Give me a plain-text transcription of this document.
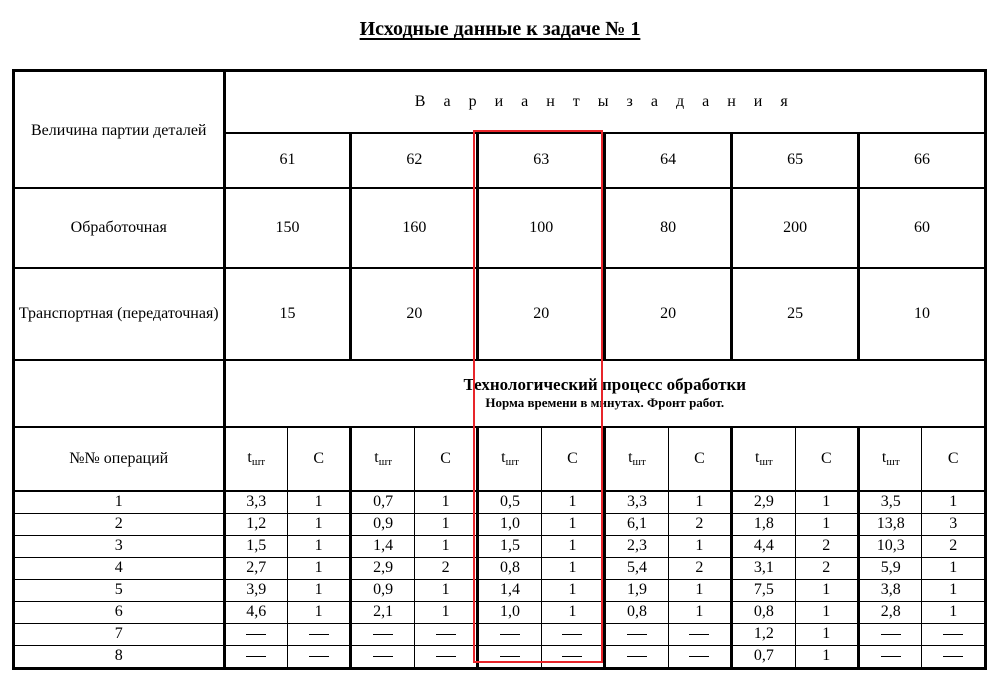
Исходные данные к задаче № 1
Величина партии деталей	В а р и а н т ы з а д а н и я											
	61		62		63		64		65		66	
Обработочная	150		160		100		80		200		60	
Транспортная (передаточная)	15		20		20		20		25		10	

	Технологический процесс обработки
Норма времени в минутах. Фронт работ.											

№№ операций	$t_{шт}$	C	$t_{шт}$	C	$t_{шт}$	C	$t_{шт}$	C	$t_{шт}$	C	$t_{шт}$	C
1	3,3	1	0,7	1	0,5	1	3,3	1	2,9	1	3,5	1
2	1,2	1	0,9	1	1,0	1	6,1	2	1,8	1	13,8	3
3	1,5	1	1,4	1	1,5	1	2,3	1	4,4	2	10,3	2
4	2,7	1	2,9	2	0,8	1	5,4	2	3,1	2	5,9	1
5	3,9	1	0,9	1	1,4	1	1,9	1	7,5	1	3,8	1
6	4,6	1	2,1	1	1,0	1	0,8	1	0,8	1	2,8	1
7									1,2	1		
8									0,7	1		
